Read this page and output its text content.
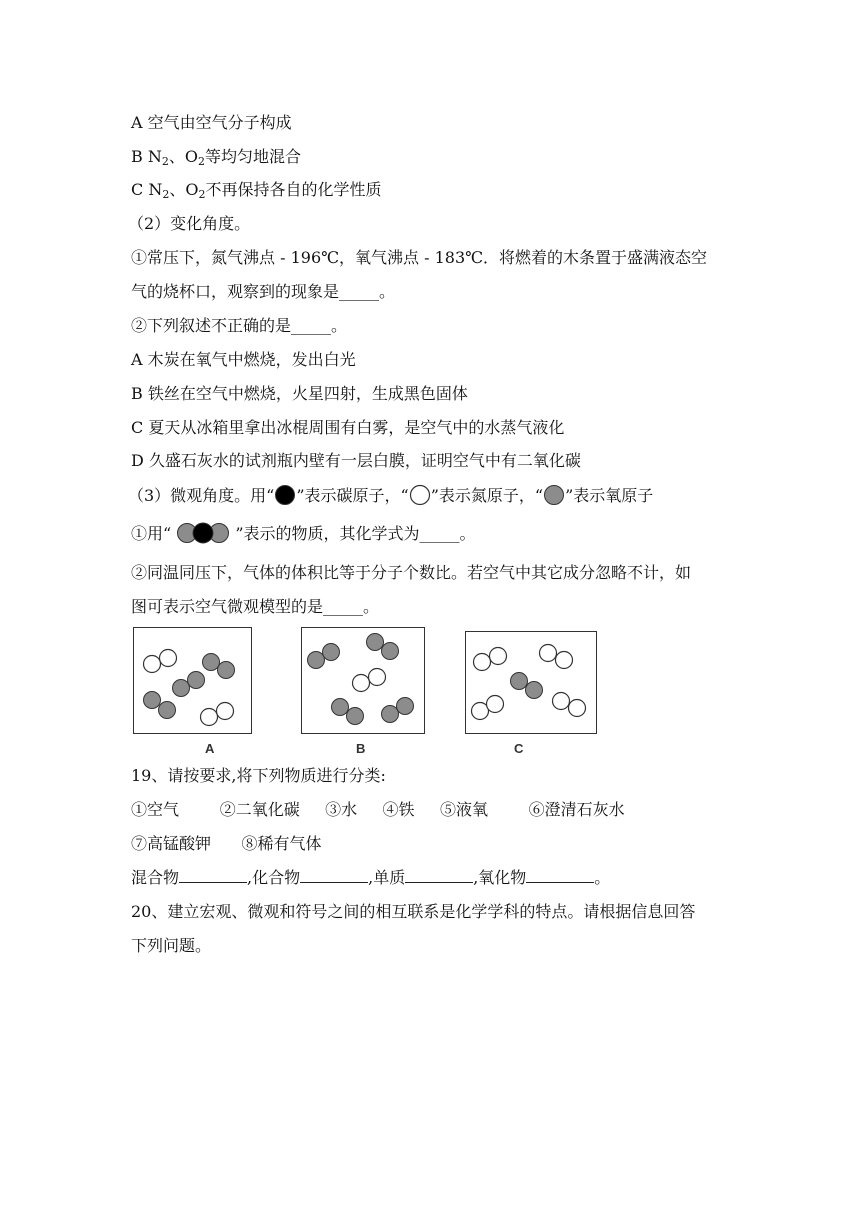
A 空气由空气分子构成
B $N_2$、$O_2$等均匀地混合
C $N_2$、$O_2$不再保持各自的化学性质
（2）变化角度。
①常压下，氮气沸点 - 196℃，氧气沸点 - 183℃．将燃着的木条置于盛满液态空
气的烧杯口，观察到的现象是_____。
②下列叙述不正确的是_____。
A 木炭在氧气中燃烧，发出白光
B 铁丝在空气中燃烧，火星四射，生成黑色固体
C 夏天从冰箱里拿出冰棍周围有白雾，是空气中的水蒸气液化
D 久盛石灰水的试剂瓶内壁有一层白膜，证明空气中有二氧化碳
（3）微观角度。用“ ”表示碳原子，“ ”表示氮原子，“ ”表示氧原子
①用“	”表示的物质，其化学式为_____。
②同温同压下，气体的体积比等于分子个数比。若空气中其它成分忽略不计，如
图可表示空气微观模型的是_____。
A	B	C
19、请按要求,将下列物质进行分类:
①空气        ②二氧化碳     ③水     ④铁     ⑤液氧        ⑥澄清石灰水
⑦高锰酸钾      ⑧稀有气体
混合物	,化合物	,单质	,氧化物	。
20、建立宏观、微观和符号之间的相互联系是化学学科的特点。请根据信息回答
下列问题。
